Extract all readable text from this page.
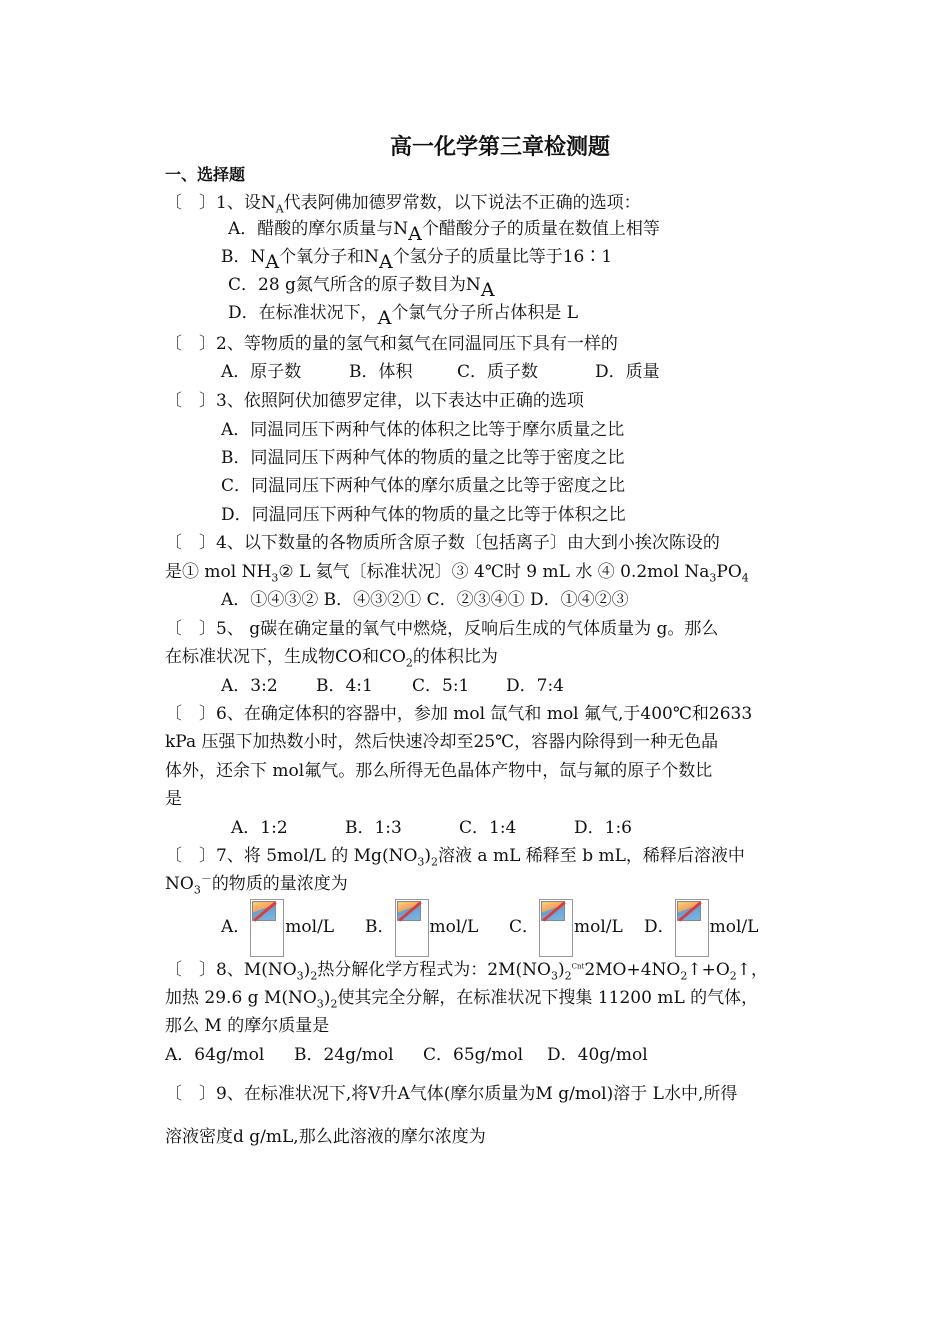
高一化学第三章检测题
一、选择题
〔　〕1、设$N_A$代表阿佛加德罗常数，以下说法不正确的选项：
A．醋酸的摩尔质量与NA个醋酸分子的质量在数值上相等
B．NA个氧分子和NA个氢分子的质量比等于16∶1
C．28 g氮气所含的原子数目为NA
D．在标准状况下，A个氯气分子所占体积是 L
〔　〕2、等物质的量的氢气和氦气在同温同压下具有一样的
A．原子数	B．体积	C．质子数	D．质量
〔　〕3、依照阿伏加德罗定律，以下表达中正确的选项
A．同温同压下两种气体的体积之比等于摩尔质量之比
B．同温同压下两种气体的物质的量之比等于密度之比
C．同温同压下两种气体的摩尔质量之比等于密度之比
D．同温同压下两种气体的物质的量之比等于体积之比
〔　〕4、以下数量的各物质所含原子数〔包括离子〕由大到小挨次陈设的
是① mol $NH_3②$ L 氦气〔标准状况〕③ 4℃时 9 mL 水 ④ 0.2mol $Na_3PO_4$
A．①④③② B．④③②① C．②③④① D．①④②③
〔　〕5、 g碳在确定量的氧气中燃烧，反响后生成的气体质量为 g。那么
在标准状况下，生成物CO和$CO_2$的体积比为
A．3:2 B．4:1 C．5:1 D．7:4
〔　〕6、在确定体积的容器中，参加 mol 氙气和 mol 氟气,于400℃和2633
kPa 压强下加热数小时，然后快速冷却至25℃，容器内除得到一种无色晶
体外，还余下 mol氟气。那么所得无色晶体产物中，氙与氟的原子个数比
是
A．1:2	B．1:3	C．1:4	D．1:6
〔　〕7、将 5mol/L 的 $Mg(NO_3)_2$溶液 a mL 稀释至 b mL，稀释后溶液中
$NO_3^-$的物质的量浓度为
A． mol/L B． mol/L C． mol/L D． mol/L
〔　〕8、$M(NO_3)_2$热分解化学方程式为：$2M(NO_3)_2^{Cnt}2MO+4NO_2↑+O_2↑$，
加热 29.6 g $M(NO_3)_2$使其完全分解，在标准状况下搜集 11200 mL 的气体，
那么 M 的摩尔质量是
A．64g/mol B．24g/mol C．65g/mol D．40g/mol
〔　〕9、在标准状况下,将V升A气体(摩尔质量为M g/mol)溶于 L水中,所得
溶液密度d g/mL,那么此溶液的摩尔浓度为
